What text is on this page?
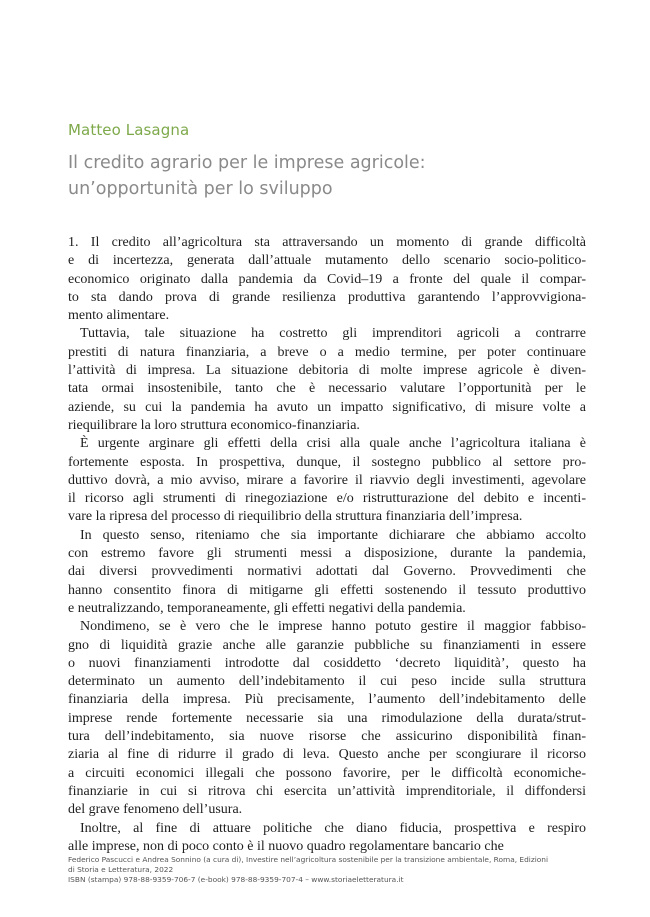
Matteo Lasagna
Il credito agrario per le imprese agricole:
un’opportunità per lo sviluppo

1. Il credito all’agricoltura sta attraversando un momento di grande difficoltà
e di incertezza, generata dall’attuale mutamento dello scenario socio-politico-
economico originato dalla pandemia da Covid–19 a fronte del quale il compar-
to sta dando prova di grande resilienza produttiva garantendo l’approvvigiona-
mento alimentare.

Tuttavia, tale situazione ha costretto gli imprenditori agricoli a contrarre
prestiti di natura finanziaria, a breve o a medio termine, per poter continuare
l’attività di impresa. La situazione debitoria di molte imprese agricole è diven-
tata ormai insostenibile, tanto che è necessario valutare l’opportunità per le
aziende, su cui la pandemia ha avuto un impatto significativo, di misure volte a
riequilibrare la loro struttura economico-finanziaria.

È urgente arginare gli effetti della crisi alla quale anche l’agricoltura italiana è
fortemente esposta. In prospettiva, dunque, il sostegno pubblico al settore pro-
duttivo dovrà, a mio avviso, mirare a favorire il riavvio degli investimenti, agevolare
il ricorso agli strumenti di rinegoziazione e/o ristrutturazione del debito e incenti-
vare la ripresa del processo di riequilibrio della struttura finanziaria dell’impresa.

In questo senso, riteniamo che sia importante dichiarare che abbiamo accolto
con estremo favore gli strumenti messi a disposizione, durante la pandemia,
dai diversi provvedimenti normativi adottati dal Governo. Provvedimenti che
hanno consentito finora di mitigarne gli effetti sostenendo il tessuto produttivo
e neutralizzando, temporaneamente, gli effetti negativi della pandemia.

Nondimeno, se è vero che le imprese hanno potuto gestire il maggior fabbiso-
gno di liquidità grazie anche alle garanzie pubbliche su finanziamenti in essere
o nuovi finanziamenti introdotte dal cosiddetto ‘decreto liquidità’, questo ha
determinato un aumento dell’indebitamento il cui peso incide sulla struttura
finanziaria della impresa. Più precisamente, l’aumento dell’indebitamento delle
imprese rende fortemente necessarie sia una rimodulazione della durata/strut-
tura dell’indebitamento, sia nuove risorse che assicurino disponibilità finan-
ziaria al fine di ridurre il grado di leva. Questo anche per scongiurare il ricorso
a circuiti economici illegali che possono favorire, per le difficoltà economiche-
finanziarie in cui si ritrova chi esercita un’attività imprenditoriale, il diffondersi
del grave fenomeno dell’usura.

Inoltre, al fine di attuare politiche che diano fiducia, prospettiva e respiro
alle imprese, non di poco conto è il nuovo quadro regolamentare bancario che

Federico Pascucci e Andrea Sonnino (a cura di), Investire nell’agricoltura sostenibile per la transizione ambientale, Roma, Edizioni
di Storia e Letteratura, 2022
ISBN (stampa) 978-88-9359-706-7 (e-book) 978-88-9359-707-4 – www.storiaeletteratura.it
